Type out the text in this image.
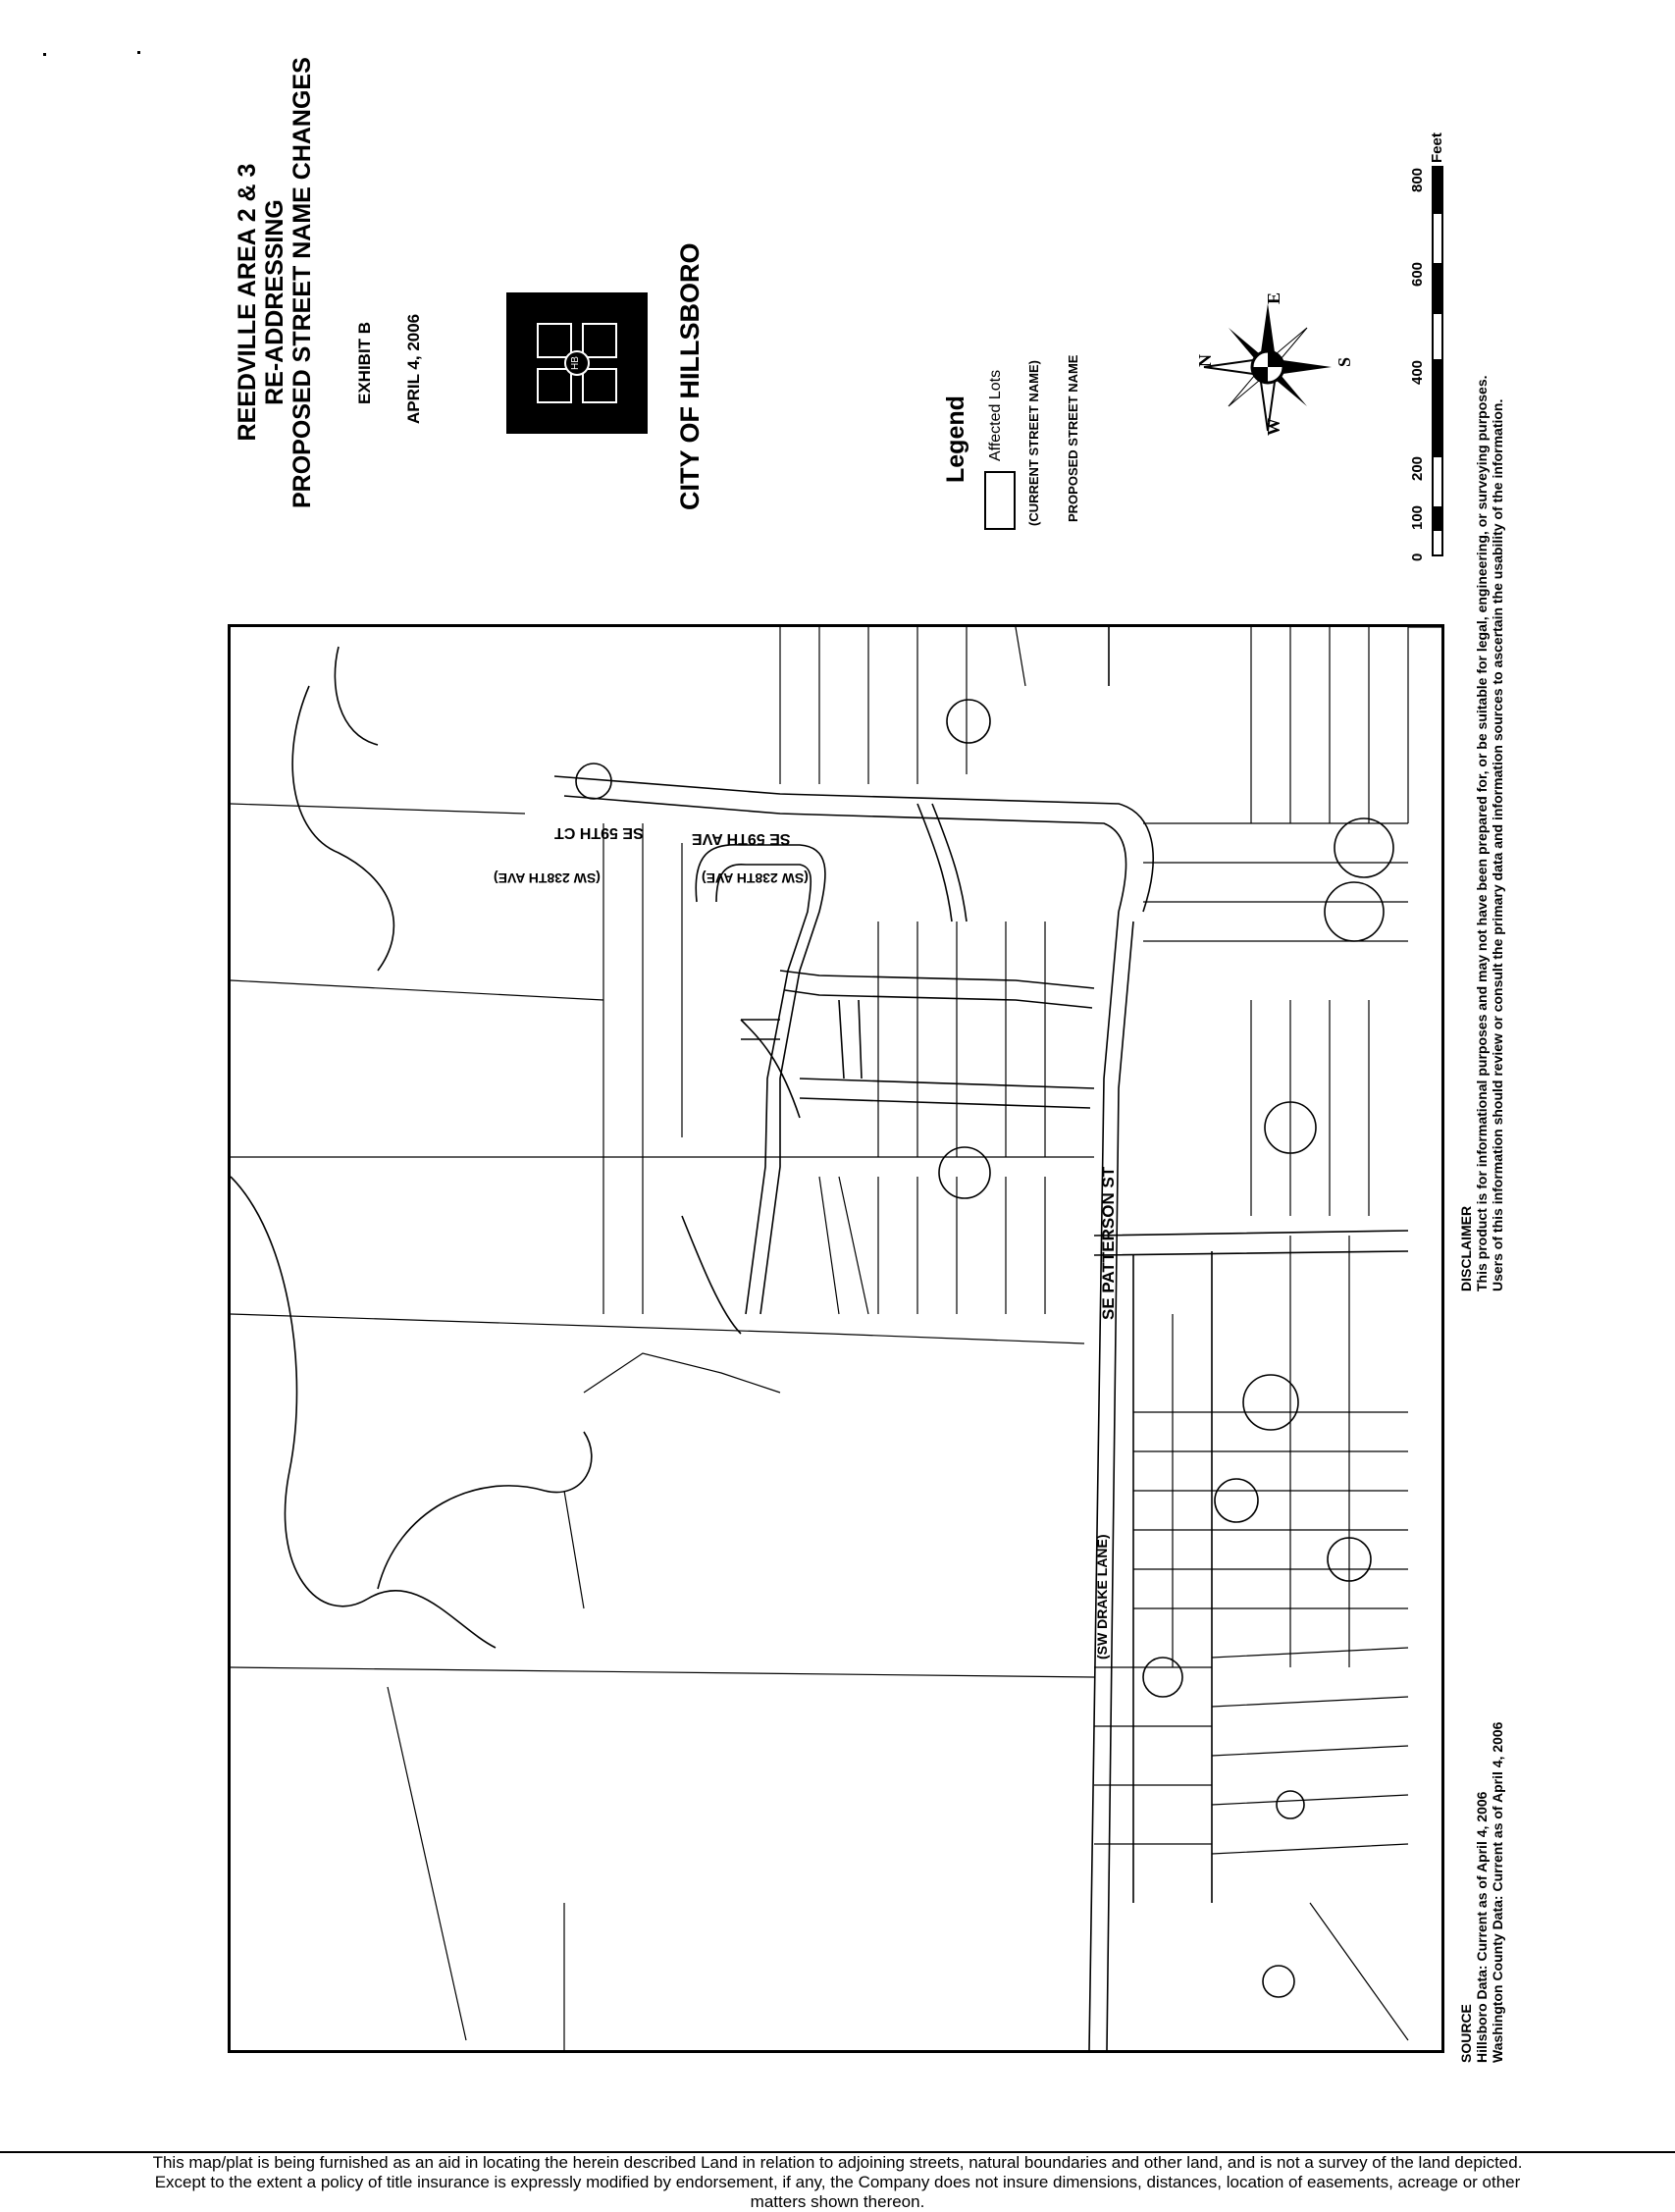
REEDVILLE AREA 2 & 3 RE-ADDRESSING PROPOSED STREET NAME CHANGES EXHIBIT B APRIL 4, 2006	HB	CITY OF HILLSBORO	Legend Affected Lots (CURRENT STREET NAME) PROPOSED STREET NAME	N	S
W
E
0
100
200
400
600
800
Feet
DISCLAIMER This product is for informational purposes and may not have been prepared for, or be suitable for legal, engineering, or surveying purposes. Users of this information should review or consult the primary data and information sources to ascertain the usability of the information.
SOURCE Hillsboro Data: Current as of April 4, 2006 Washington County Data: Current as of April 4, 2006
(SW 238TH AVE)	(SW 238TH AVE)
SE 59TH CT	SE 59TH AVE
SE PATTERSON ST
(SW DRAKE LANE)
This map/plat is being furnished as an aid in locating the herein described Land in relation to adjoining streets, natural boundaries and other land, and is not a survey of the land depicted.
Except to the extent a policy of title insurance is expressly modified by endorsement, if any, the Company does not insure dimensions, distances, location of easements, acreage or other
matters shown thereon.
